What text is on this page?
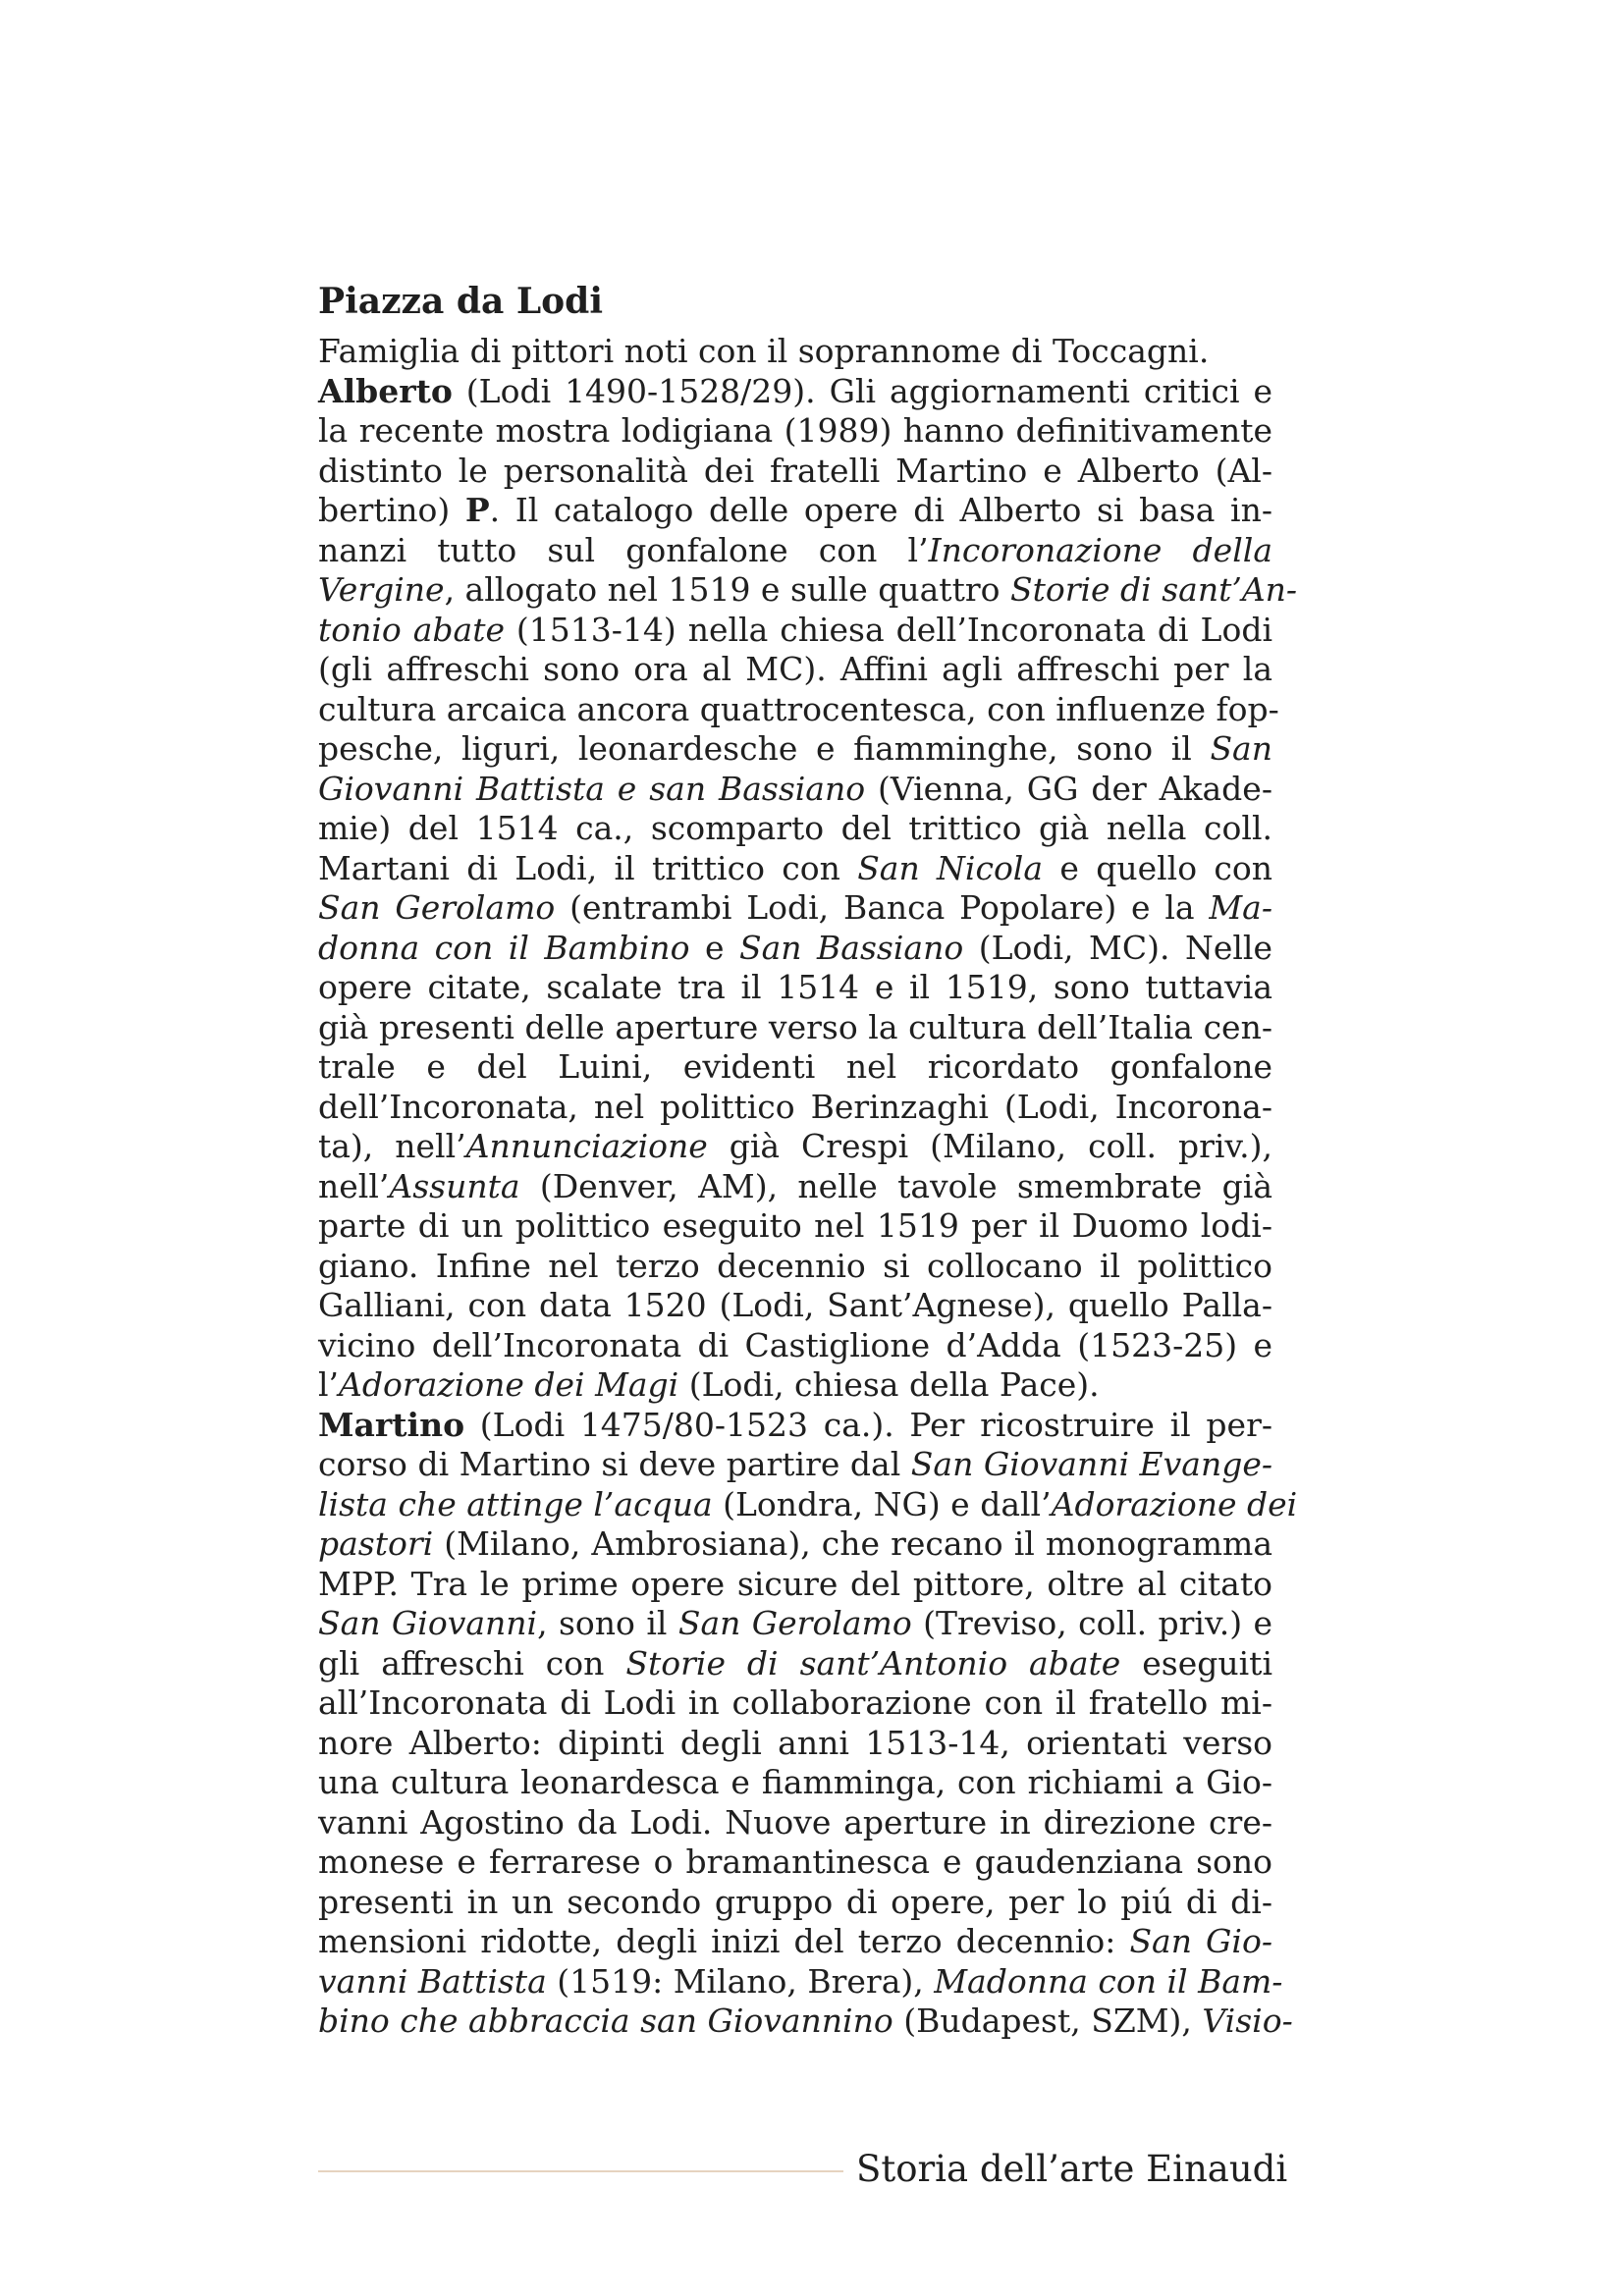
Piazza da Lodi
Famiglia di pittori noti con il soprannome di Toccagni.
Alberto (Lodi 1490-1528/29). Gli aggiornamenti critici e
la recente mostra lodigiana (1989) hanno definitivamente
distinto le personalità dei fratelli Martino e Alberto (Al-
bertino) P. Il catalogo delle opere di Alberto si basa in-
nanzi tutto sul gonfalone con l’Incoronazione della
Vergine, allogato nel 1519 e sulle quattro Storie di sant’An-
tonio abate (1513-14) nella chiesa dell’Incoronata di Lodi
(gli affreschi sono ora al MC). Affini agli affreschi per la
cultura arcaica ancora quattrocentesca, con influenze fop-
pesche, liguri, leonardesche e fiamminghe, sono il San
Giovanni Battista e san Bassiano (Vienna, GG der Akade-
mie) del 1514 ca., scomparto del trittico già nella coll.
Martani di Lodi, il trittico con San Nicola e quello con
San Gerolamo (entrambi Lodi, Banca Popolare) e la Ma-
donna con il Bambino e San Bassiano (Lodi, MC). Nelle
opere citate, scalate tra il 1514 e il 1519, sono tuttavia
già presenti delle aperture verso la cultura dell’Italia cen-
trale e del Luini, evidenti nel ricordato gonfalone
dell’Incoronata, nel polittico Berinzaghi (Lodi, Incorona-
ta), nell’Annunciazione già Crespi (Milano, coll. priv.),
nell’Assunta (Denver, AM), nelle tavole smembrate già
parte di un polittico eseguito nel 1519 per il Duomo lodi-
giano. Infine nel terzo decennio si collocano il polittico
Galliani, con data 1520 (Lodi, Sant’Agnese), quello Palla-
vicino dell’Incoronata di Castiglione d’Adda (1523-25) e
l’Adorazione dei Magi (Lodi, chiesa della Pace).
Martino (Lodi 1475/80-1523 ca.). Per ricostruire il per-
corso di Martino si deve partire dal San Giovanni Evange-
lista che attinge l’acqua (Londra, NG) e dall’Adorazione dei
pastori (Milano, Ambrosiana), che recano il monogramma
MPP. Tra le prime opere sicure del pittore, oltre al citato
San Giovanni, sono il San Gerolamo (Treviso, coll. priv.) e
gli affreschi con Storie di sant’Antonio abate eseguiti
all’Incoronata di Lodi in collaborazione con il fratello mi-
nore Alberto: dipinti degli anni 1513-14, orientati verso
una cultura leonardesca e fiamminga, con richiami a Gio-
vanni Agostino da Lodi. Nuove aperture in direzione cre-
monese e ferrarese o bramantinesca e gaudenziana sono
presenti in un secondo gruppo di opere, per lo piú di di-
mensioni ridotte, degli inizi del terzo decennio: San Gio-
vanni Battista (1519: Milano, Brera), Madonna con il Bam-
bino che abbraccia san Giovannino (Budapest, SZM), Visio-
Storia dell’arte Einaudi
